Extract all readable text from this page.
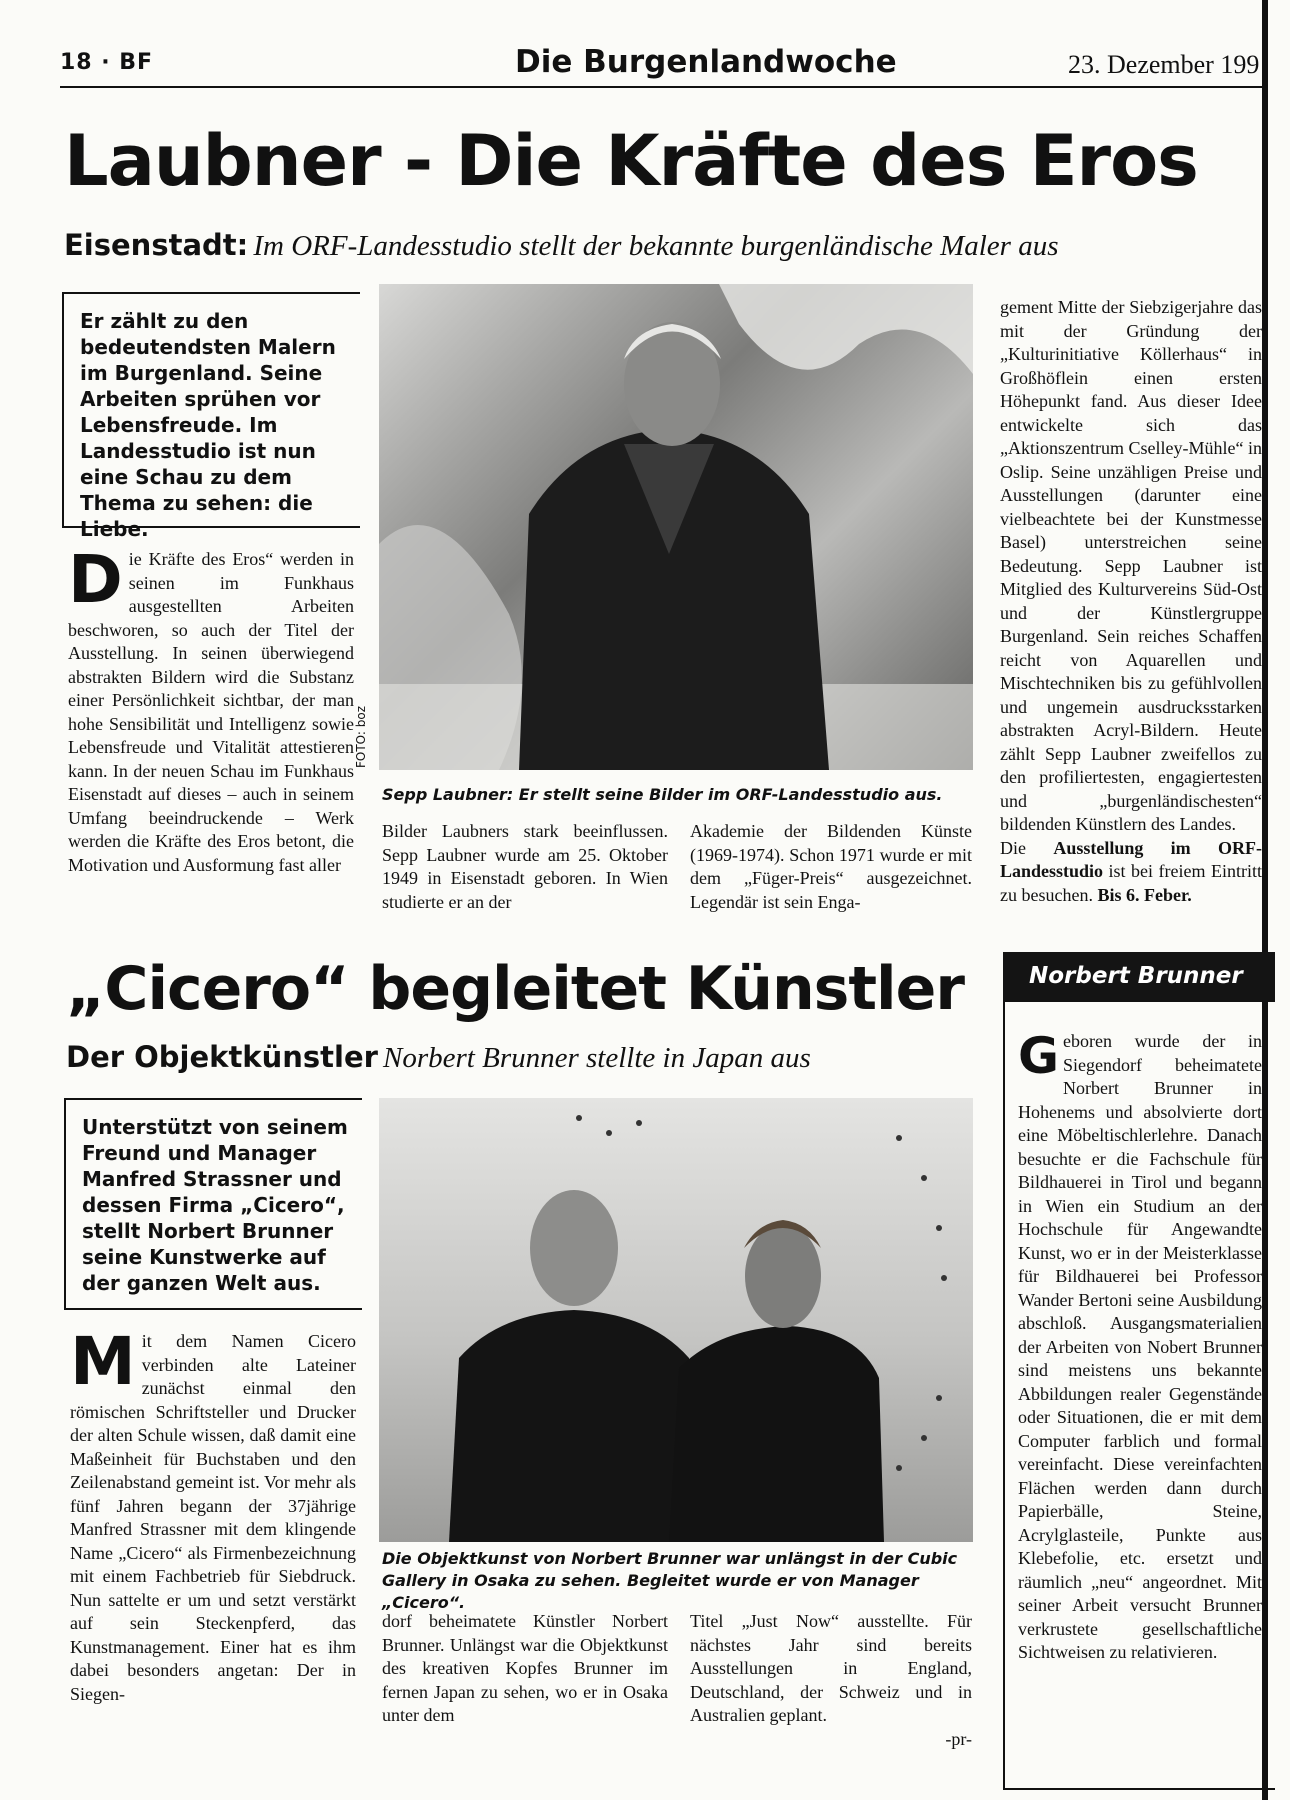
18 · BF	Die Burgenlandwoche	23. Dezember 199
Laubner - Die Kräfte des Eros
Eisenstadt: Im ORF-Landesstudio stellt der bekannte burgenländische Maler aus
Er zählt zu den bedeutendsten Malern im Burgenland. Seine Arbeiten sprühen vor Lebensfreude. Im Landesstudio ist nun eine Schau zu dem Thema zu sehen: die Liebe.
D ie Kräfte des Eros“ werden in seinen im Funkhaus ausgestellten Arbeiten beschworen, so auch der Titel der Ausstellung. In seinen überwiegend abstrakten Bildern wird die Substanz einer Persönlichkeit sichtbar, der man hohe Sensibilität und Intelligenz sowie Lebensfreude und Vitalität attestieren kann. In der neuen Schau im Funkhaus Eisenstadt auf dieses – auch in seinem Umfang beeindruckende – Werk werden die Kräfte des Eros betont, die Motivation und Ausformung fast aller

FOTO: boz
Sepp Laubner: Er stellt seine Bilder im ORF-Landesstudio aus.

Bilder Laubners stark beeinflussen. Sepp Laubner wurde am 25. Oktober 1949 in Eisenstadt geboren. In Wien studierte er an der

Akademie der Bildenden Künste (1969-1974). Schon 1971 wurde er mit dem „Füger-Preis“ ausgezeichnet. Legendär ist sein Enga-

gement Mitte der Siebzigerjahre das mit der Gründung der „Kulturinitiative Köllerhaus“ in Großhöflein einen ersten Höhepunkt fand. Aus dieser Idee entwickelte sich das „Aktionszentrum Cselley-Mühle“ in Oslip. Seine unzähligen Preise und Ausstellungen (darunter eine vielbeachtete bei der Kunstmesse Basel) unterstreichen seine Bedeutung. Sepp Laubner ist Mitglied des Kulturvereins Süd-Ost und der Künstlergruppe Burgenland. Sein reiches Schaffen reicht von Aquarellen und Mischtechniken bis zu gefühlvollen und ungemein ausdrucksstarken abstrakten Acryl-Bildern. Heute zählt Sepp Laubner zweifellos zu den profiliertesten, engagiertesten und „burgenländischesten“ bildenden Künstlern des Landes.

Die Ausstellung im ORF-Landesstudio ist bei freiem Eintritt zu besuchen. Bis 6. Feber.

„Cicero“ begleitet Künstler
Der Objektkünstler Norbert Brunner stellte in Japan aus
Unterstützt von seinem Freund und Manager Manfred Strassner und dessen Firma „Cicero“, stellt Norbert Brunner seine Kunstwerke auf der ganzen Welt aus.
M it dem Namen Cicero verbinden alte Lateiner zunächst einmal den römischen Schriftsteller und Drucker der alten Schule wissen, daß damit eine Maßeinheit für Buchstaben und den Zeilenabstand gemeint ist. Vor mehr als fünf Jahren begann der 37jährige Manfred Strassner mit dem klingende Name „Cicero“ als Firmenbezeichnung mit einem Fachbetrieb für Siebdruck. Nun sattelte er um und setzt verstärkt auf sein Steckenpferd, das Kunstmanagement. Einer hat es ihm dabei besonders angetan: Der in Siegen-

Die Objektkunst von Norbert Brunner war unlängst in der Cubic Gallery in Osaka zu sehen. Begleitet wurde er von Manager „Cicero“.

dorf beheimatete Künstler Norbert Brunner. Unlängst war die Objektkunst des kreativen Kopfes Brunner im fernen Japan zu sehen, wo er in Osaka unter dem

Titel „Just Now“ ausstellte. Für nächstes Jahr sind bereits Ausstellungen in England, Deutschland, der Schweiz und in Australien geplant.

-pr-

Norbert Brunner
G eboren wurde der in Siegendorf beheimatete Norbert Brunner in Hohenems und absolvierte dort eine Möbeltischlerlehre. Danach besuchte er die Fachschule für Bildhauerei in Tirol und begann in Wien ein Studium an der Hochschule für Angewandte Kunst, wo er in der Meisterklasse für Bildhauerei bei Professor Wander Bertoni seine Ausbildung abschloß. Ausgangsmaterialien der Arbeiten von Nobert Brunner sind meistens uns bekannte Abbildungen realer Gegenstände oder Situationen, die er mit dem Computer farblich und formal vereinfacht. Diese vereinfachten Flächen werden dann durch Papierbälle, Steine, Acrylglasteile, Punkte aus Klebefolie, etc. ersetzt und räumlich „neu“ angeordnet. Mit seiner Arbeit versucht Brunner verkrustete gesellschaftliche Sichtweisen zu relativieren.
